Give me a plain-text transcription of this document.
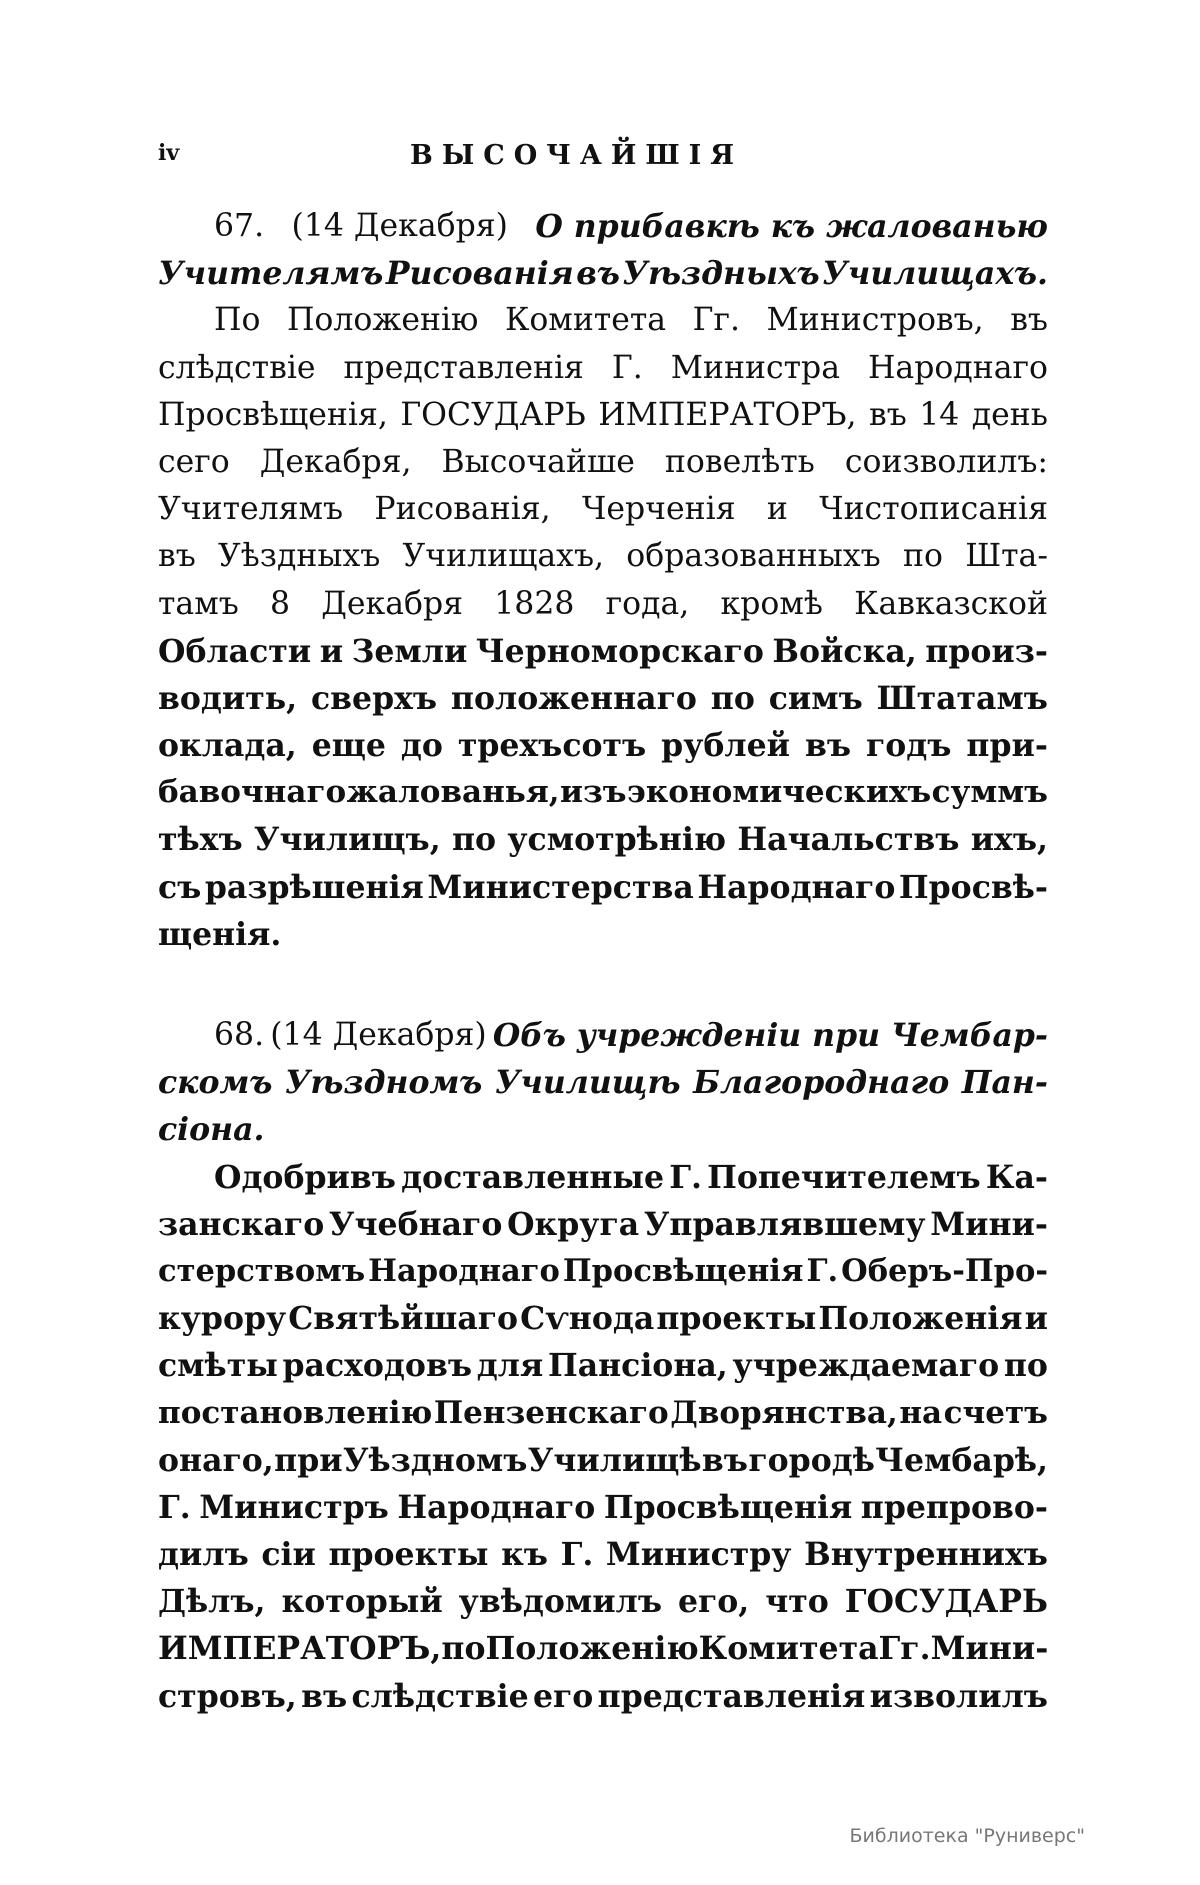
iv	ВЫСОЧАЙШІЯ
67. (14 Декабря) О прибавкѣ къ жалованью
Учителямъ Рисованія въ Уѣздныхъ Училищахъ.
По Положенію Комитета Гг. Министровъ, въ
слѣдствіе представленія Г. Министра Народнаго
Просвѣщенія, ГОСУДАРЬ ИМПЕРАТОРЪ, въ 14 день
сего Декабря, Высочайше повелѣть соизволилъ:
Учителямъ Рисованія, Черченія и Чистописанія
въ Уѣздныхъ Училищахъ, образованныхъ по Шта-
тамъ 8 Декабря 1828 года, кромѣ Кавказской
Области и Земли Черноморскаго Войска, произ-
водить, сверхъ положеннаго по симъ Штатамъ
оклада, еще до трехъсотъ рублей въ годъ при-
бавочнаго жалованья, изъ экономическихъ суммъ
тѣхъ Училищъ, по усмотрѣнію Начальствъ ихъ,
съ разрѣшенія Министерства Народнаго Просвѣ-
щенія.
68. (14 Декабря) Объ учрежденіи при Чембар-
скомъ Уѣздномъ Училищѣ Благороднаго Пан-
сіона.
Одобривъ доставленные Г. Попечителемъ Ка-
занскаго Учебнаго Округа Управлявшему Мини-
стерствомъ Народнаго Просвѣщенія Г. Оберъ-Про-
курору Святѣйшаго Сѵнода проекты Положенія и
смѣты расходовъ для Пансіона, учреждаемаго по
постановленію Пензенскаго Дворянства, на счетъ
онаго, при Уѣздномъ Училищѣ въ городѣ Чембарѣ,
Г. Министръ Народнаго Просвѣщенія препрово-
дилъ сіи проекты къ Г. Министру Внутреннихъ
Дѣлъ, который увѣдомилъ его, что ГОСУДАРЬ
ИМПЕРАТОРЪ, по Положенію Комитета Гг. Мини-
стровъ, въ слѣдствіе его представленія изволилъ
Библиотека "Руниверс"
